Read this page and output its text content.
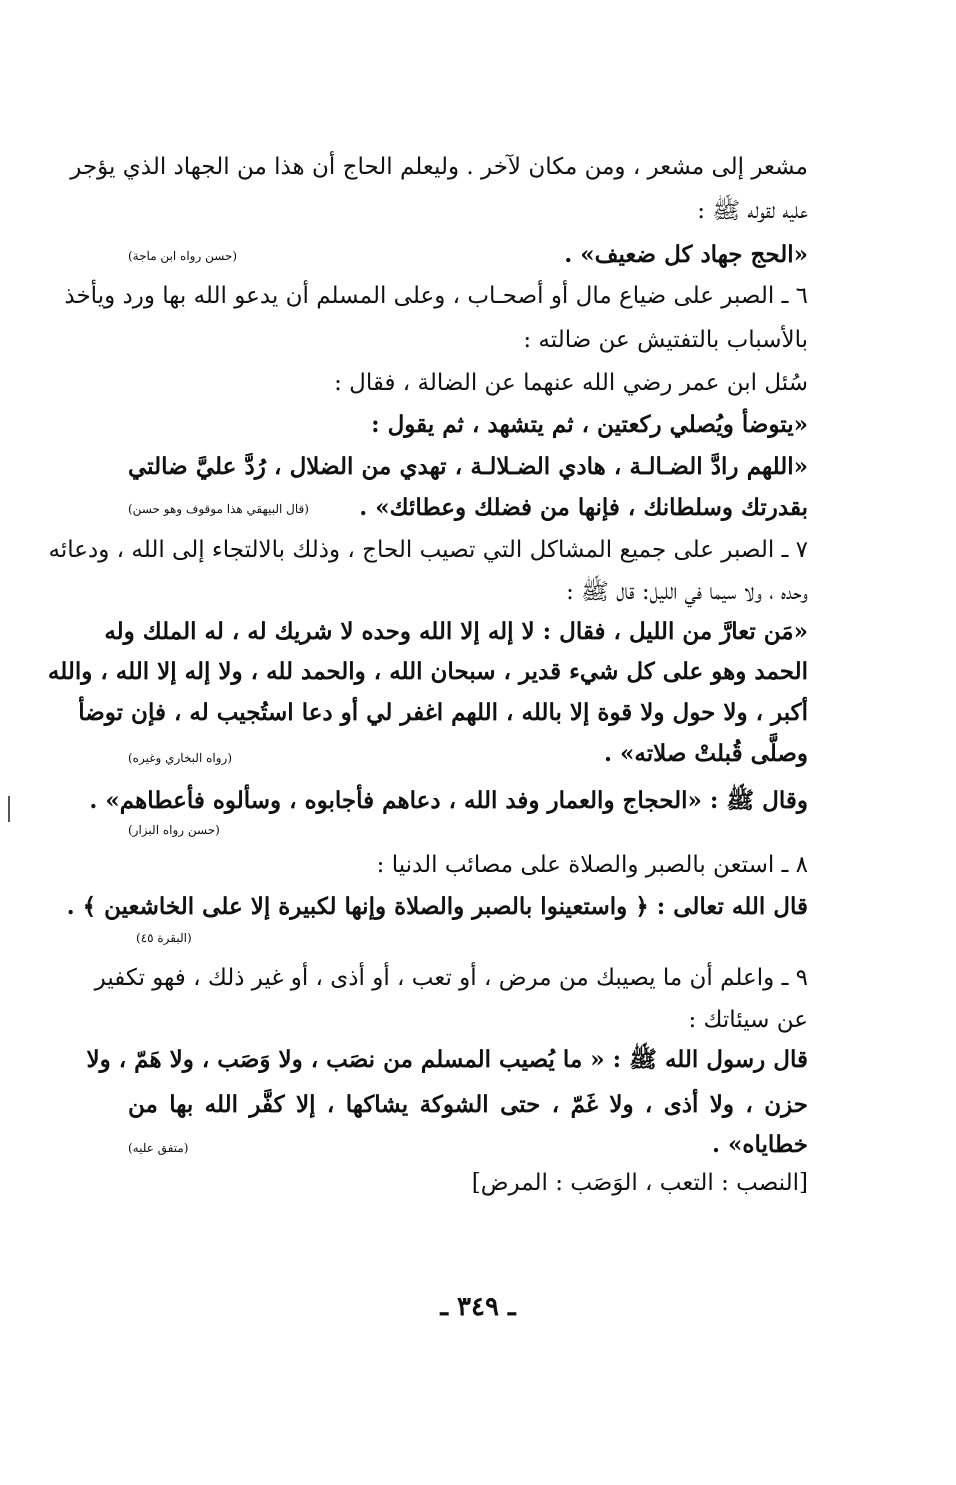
مشعر إلى مشعر ، ومن مكان لآخر . وليعلم الحاج أن هذا من الجهاد الذي يؤجر
عليه لقوله ﷺ :
«الحج جهاد كل ضعيف» .
(حسن رواه ابن ماجة)
٦ ـ الصبر على ضياع مال أو أصحـاب ، وعلى المسلم أن يدعو الله بها ورد ويأخذ
بالأسباب بالتفتيش عن ضالته :
سُئل ابن عمر رضي الله عنهما عن الضالة ، فقال :
«يتوضأ ويُصلي ركعتين ، ثم يتشهد ، ثم يقول :
«اللهم رادَّ الضـالـة ، هادي الضـلالـة ، تهدي من الضلال ، رُدَّ عليَّ ضالتي
بقدرتك وسلطانك ، فإنها من فضلك وعطائك» .
(قال البيهقي هذا موقوف وهو حسن)
٧ ـ الصبر على جميع المشاكل التي تصيب الحاج ، وذلك بالالتجاء إلى الله ، ودعائه
وحده ، ولا سيما في الليل: قال ﷺ :
«مَن تعارَّ من الليل ، فقال : لا إله إلا الله وحده لا شريك له ، له الملك وله
الحمد وهو على كل شيء قدير ، سبحان الله ، والحمد لله ، ولا إله إلا الله ، والله
أكبر ، ولا حول ولا قوة إلا بالله ، اللهم اغفر لي أو دعا استُجيب له ، فإن توضأ
وصلَّى قُبلتْ صلاته» .
(رواه البخاري وغيره)
وقال ﷺ : «الحجاج والعمار وفد الله ، دعاهم فأجابوه ، وسألوه فأعطاهم» .
(حسن رواه البزار)
٨ ـ استعن بالصبر والصلاة على مصائب الدنيا :
قال الله تعالى : ﴿ واستعينوا بالصبر والصلاة وإنها لكبيرة إلا على الخاشعين ﴾ .
(البقرة ٤٥)
٩ ـ واعلم أن ما يصيبك من مرض ، أو تعب ، أو أذى ، أو غير ذلك ، فهو تكفير
عن سيئاتك :
قال رسول الله ﷺ : « ما يُصيب المسلم من نصَب ، ولا وَصَب ، ولا هَمّ ، ولا
حزن ، ولا أذى ، ولا غَمّ ، حتى الشوكة يشاكها ، إلا كفَّر الله بها من
خطاياه» .
(متفق عليه)
[النصب : التعب ، الوَصَب : المرض]
ـ ٣٤٩ ـ
